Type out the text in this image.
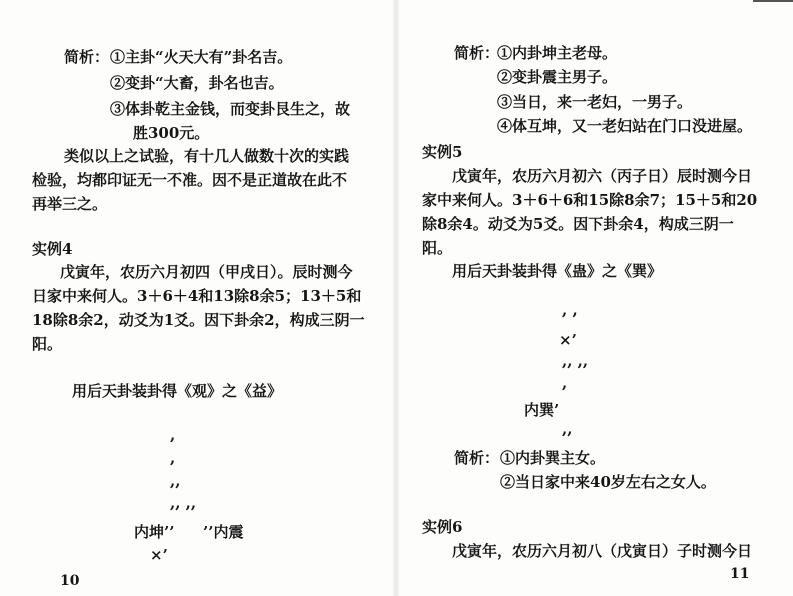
简析： ①主卦“火天大有”卦名吉。
②变卦“大畜，卦名也吉。
③体卦乾主金钱，而变卦艮生之，故
胜300元。
类似以上之试验，有十几人做数十次的实践
检验，均都印证无一不准。因不是正道故在此不
再举三之。
实例4
戊寅年，农历六月初四（甲戌日）。辰时测今
日家中来何人。3＋6＋4和13除8余5；13＋5和
18除8余2，动爻为1爻。因下卦余2，构成三阴一
阳。
用后天卦装卦得《观》之《益》
,
,
,,
,, ,,
内坤’’ ’’内震
×’
10
简析：
①内卦坤主老母。
②变卦震主男子。
③当日，来一老妇，一男子。
④体互坤，又一老妇站在门口没进屋。
实例5
戊寅年，农历六月初六（丙子日）辰时测今日
家中来何人。3＋6＋6和15除8余7；15＋5和20
除8余4。动爻为5爻。因下卦余4，构成三阴一
阳。
用后天卦装卦得《蛊》之《巽》
, ,
×’
,, ,,
,
内巽’
,,
简析： ①内卦巽主女。
②当日家中来40岁左右之女人。
实例6
戊寅年，农历六月初八（戊寅日）子时测今日
11
